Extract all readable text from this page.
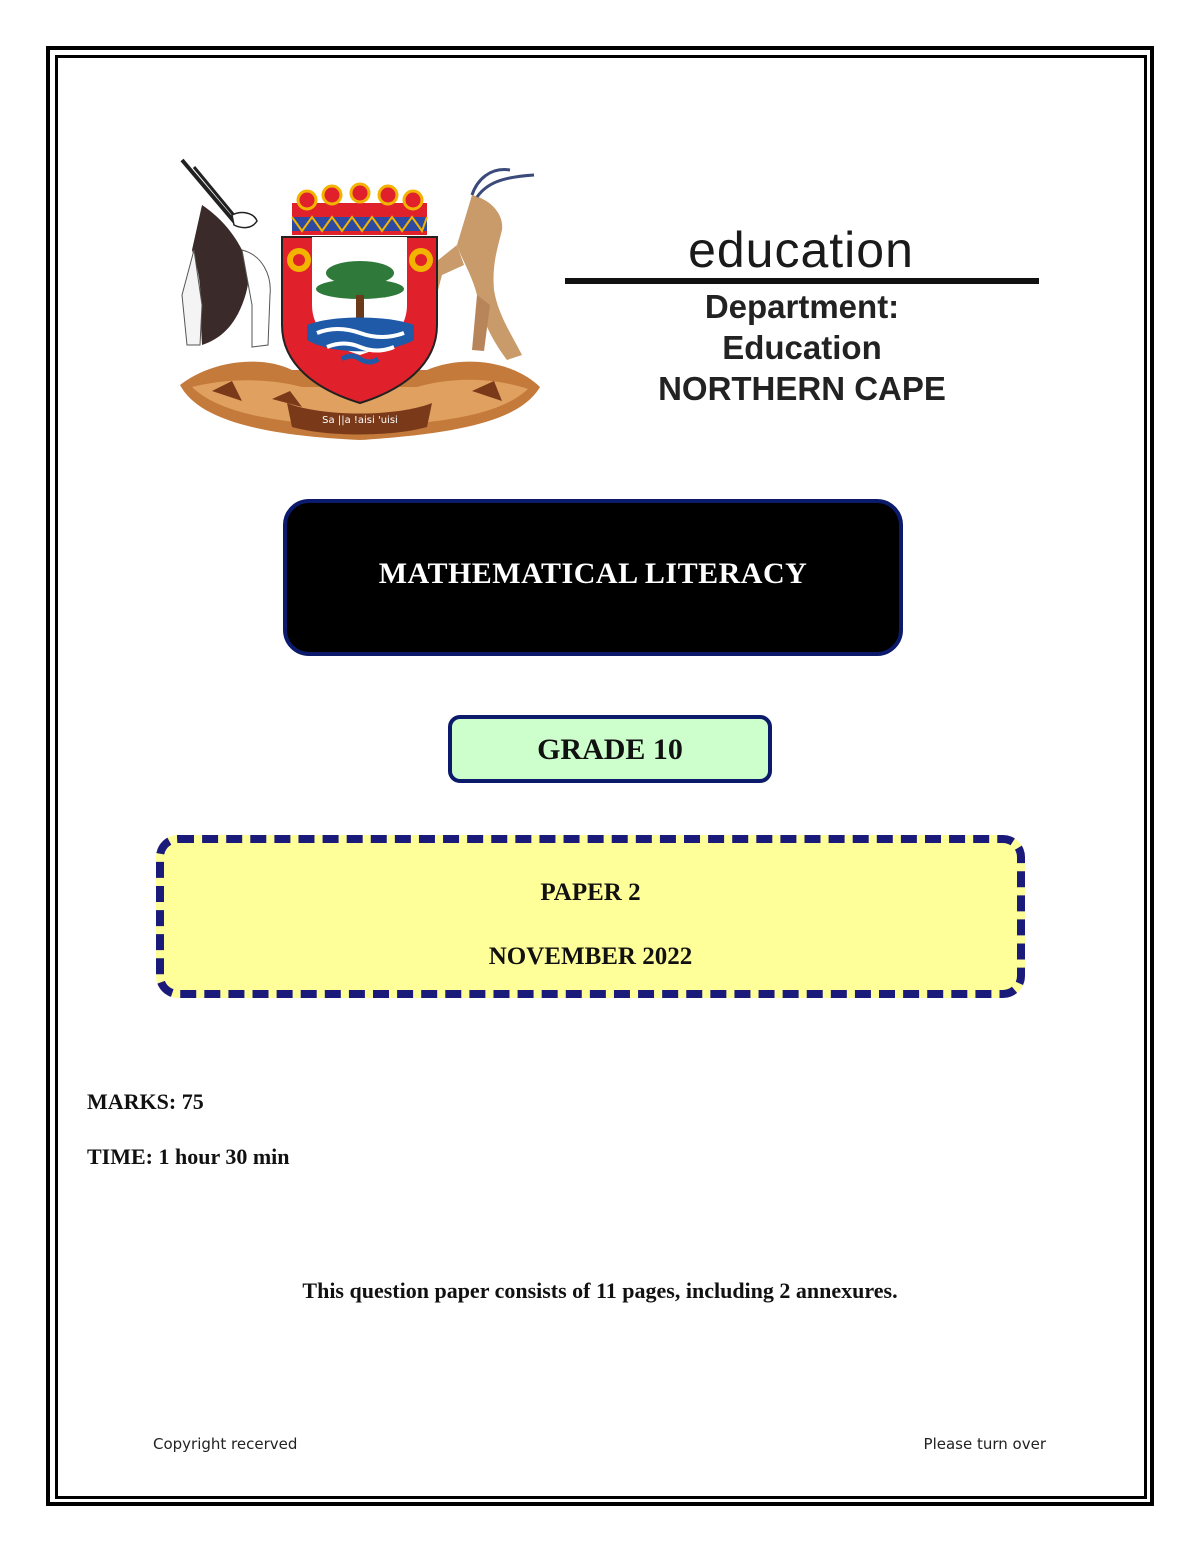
Sa ||a !aisi 'uisi
education
Department:
Education
NORTHERN CAPE
MATHEMATICAL LITERACY
GRADE 10
PAPER 2
NOVEMBER 2022
MARKS: 75
TIME: 1 hour 30 min
This question paper consists of 11 pages, including 2 annexures.
Copyright recerved	Please turn over
